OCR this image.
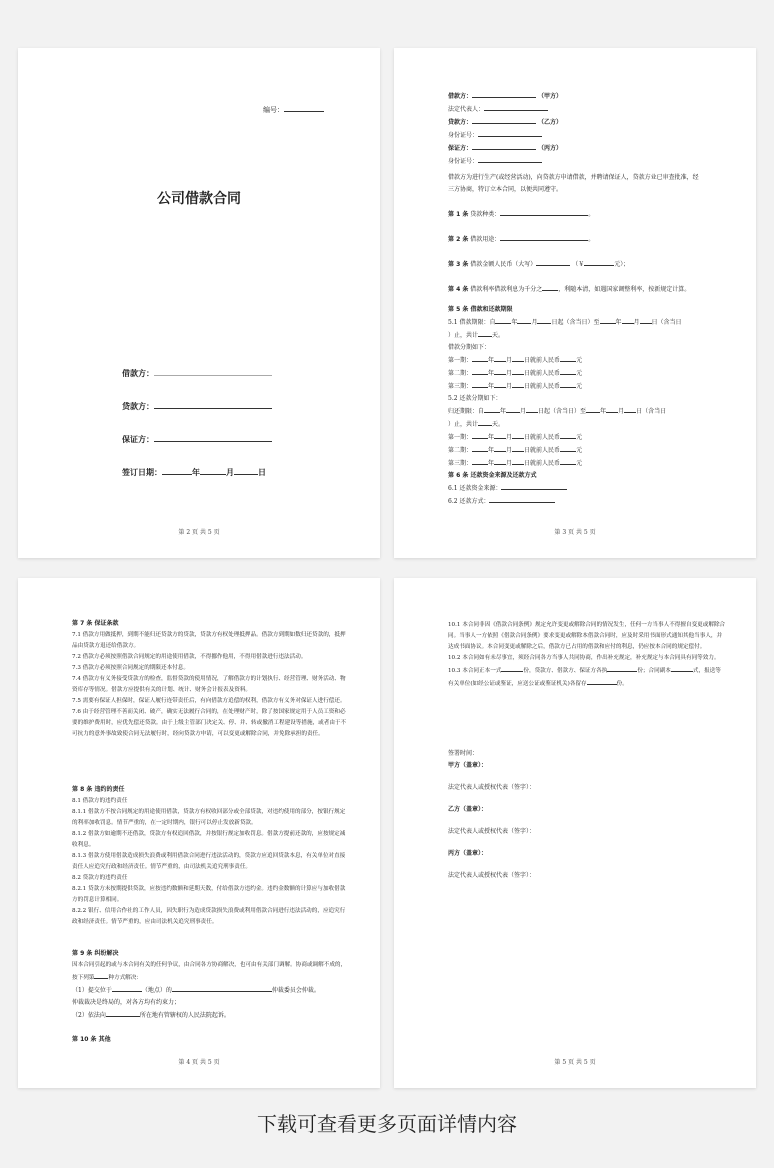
编号：
公司借款合同
借款方：
贷款方：
保证方：
签订日期：	年	月	日
第 2 页 共 5 页
借款方：	（甲方）
法定代表人：
贷款方：	（乙方）
身份证号：
保证方：	（丙方）
身份证号：
借款方为进行生产(或经营活动)，向贷款方申请借款，并聘请保证人，贷款方业已审查批准，经
三方协商，特订立本合同，以便共同遵守。
第 1 条 贷款种类：	。
第 2 条 借款用途：	。
第 3 条 借款金额人民币（大写）	（￥	元）；
第 4 条 借款利率借款利息为千分之	，利随本清，如遇国家调整利率，按新规定计算。
第 5 条 借款和还款期限
5.1 借款期限：自	年 月 日起（含当日）至	年 月 日（含当日
）止，共计 天。
借款分期如下：
第一期：	年 月 日就前人民币	元
第二期：	年 月 日就前人民币	元
第三期：	年 月 日就前人民币	元
5.2 还款分期如下：
归还期限：自	年 月 日起（含当日）至 年 月 日（含当日
）止，共计 天。
第一期：	年 月 日就前人民币	元
第二期：	年 月 日就前人民币	元
第三期：	年 月 日就前人民币	元
第 6 条 还款资金来源及还款方式
6.1 还款资金来源：
6.2 还款方式：
第 3 页 共 5 页
第 7 条 保证条款
7.1 借款方用做抵押，到期不能归还贷款方的贷款，贷款方有权处理抵押品。借款方到期如数归还贷款的，抵押品由贷款方退还给借款方。
7.2 借款方必须按照借款合同规定的用途使用借款，不得挪作他用，不得用借款进行违法活动。
7.3 借款方必须按照合同规定的期限还本付息。
7.4 借款方有义务接受贷款方的检查，监督贷款的使用情况，了解借款方的计划执行、经营管理、财务活动、物资库存等情况。借款方应提供有关的计划、统计、财务会计报表及资料。
7.5 需要有保证人担保时，保证人履行连带责任后，有向借款方追偿的权利，借款方有义务对保证人进行偿还。
7.6 由于经营管理不善而关闭、破产，确实无法履行合同的，在处理财产时，除了按国家规定用于人员工资和必要的维护费用时，应优先偿还贷款。由于上级主管部门决定关、停、并、转或撤消工程建设等措施，或者由于不可抗力的意外事故致使合同无法履行时，经向贷款方申请，可以变更或解除合同，并免除承担的责任。
第 8 条 违约的责任
8.1 借款方的违约责任
8.1.1 借款方不按合同规定的用途使用借款，贷款方有权收回部分或全部贷款，对违约使用的部分，按银行规定的利率加收罚息。情节严重的，在一定时期内，银行可以停止发放新贷款。
8.1.2 借款方如逾期不还借款，贷款方有权追回借款，并按银行规定加收罚息。借款方提前还款的，应按规定减收利息。
8.1.3 借款方使用借款造成损失浪费或利用借款合同进行违法活动的，贷款方应追回贷款本息，有关单位对直接责任人应追究行政和经济责任。情节严重的，由司法机关追究刑事责任。
8.2 贷款方的违约责任
8.2.1 贷款方未按期提供贷款，应按违约数额和延期天数，付给借款方违约金。违约金数额的计算应与加收借款方的罚息计算相同。
8.2.2 银行、信用合作社的工作人员，因失职行为造成贷款损失浪费或利用借款合同进行违法活动的，应追究行政和经济责任。情节严重的，应由司法机关追究刑事责任。
第 9 条 纠纷解决
因本合同引起的或与本合同有关的任何争议，由合同各方协商解决，也可由有关部门调解。协商或调解不成的，按下列第	种方式解决：
（1）提交位于	（地点）的	仲裁委员会仲裁。
仲裁裁决是终局的，对各方均有约束力；
（2）依法向	所在地有管辖权的人民法院起诉。
第 10 条 其他
第 4 页 共 5 页
10.1 本合同非因《借款合同条例》规定允许变更或解除合同的情况发生，任何一方当事人不得擅自变更或解除合同。当事人一方依照《借款合同条例》要求变更或解除本借款合同时，应及时采用书面形式通知其他当事人，并达成书面协议。本合同变更或解除之后，借款方已占用的借款和应付的利息，仍应按本合同的规定偿付。
10.2 本合同如有未尽事宜，须经合同各方当事人共同协商，作出补充规定，补充规定与本合同具有同等效力。
10.3 本合同正本一式	份，贷款方、借款方、保证方各执	份；合同副本	式，报送等有关单位(如经公证或鉴证，应送公证或鉴证机关)各留存	份。
签署时间：
甲方（盖章）：
法定代表人或授权代表（签字）：
乙方（盖章）：
法定代表人或授权代表（签字）：
丙方（盖章）：
法定代表人或授权代表（签字）：
第 5 页 共 5 页
下载可查看更多页面详情内容
